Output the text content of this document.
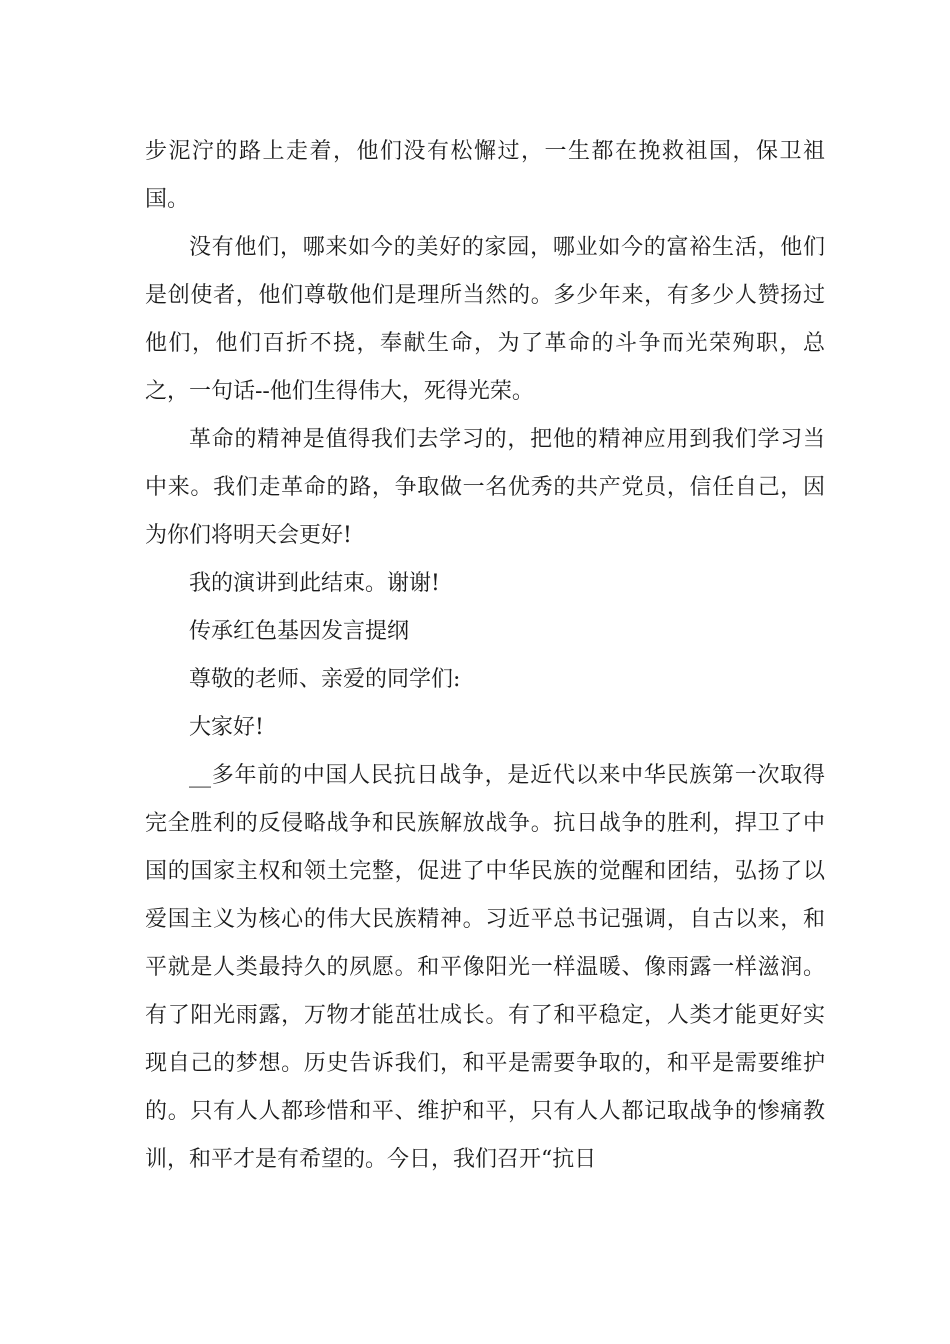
步泥泞的路上走着，他们没有松懈过，一生都在挽救祖国，保卫祖国。

没有他们，哪来如今的美好的家园，哪业如今的富裕生活，他们是创使者，他们尊敬他们是理所当然的。多少年来，有多少人赞扬过他们，他们百折不挠，奉献生命，为了革命的斗争而光荣殉职，总之，一句话--他们生得伟大，死得光荣。

革命的精神是值得我们去学习的，把他的精神应用到我们学习当中来。我们走革命的路，争取做一名优秀的共产党员，信任自己，因为你们将明天会更好!

我的演讲到此结束。谢谢!

传承红色基因发言提纲

尊敬的老师、亲爱的同学们:

大家好!

__多年前的中国人民抗日战争，是近代以来中华民族第一次取得完全胜利的反侵略战争和民族解放战争。抗日战争的胜利，捍卫了中国的国家主权和领土完整，促进了中华民族的觉醒和团结，弘扬了以爱国主义为核心的伟大民族精神。习近平总书记强调，自古以来，和平就是人类最持久的夙愿。和平像阳光一样温暖、像雨露一样滋润。有了阳光雨露，万物才能茁壮成长。有了和平稳定，人类才能更好实现自己的梦想。历史告诉我们，和平是需要争取的，和平是需要维护的。只有人人都珍惜和平、维护和平，只有人人都记取战争的惨痛教训，和平才是有希望的。今日，我们召开“抗日
